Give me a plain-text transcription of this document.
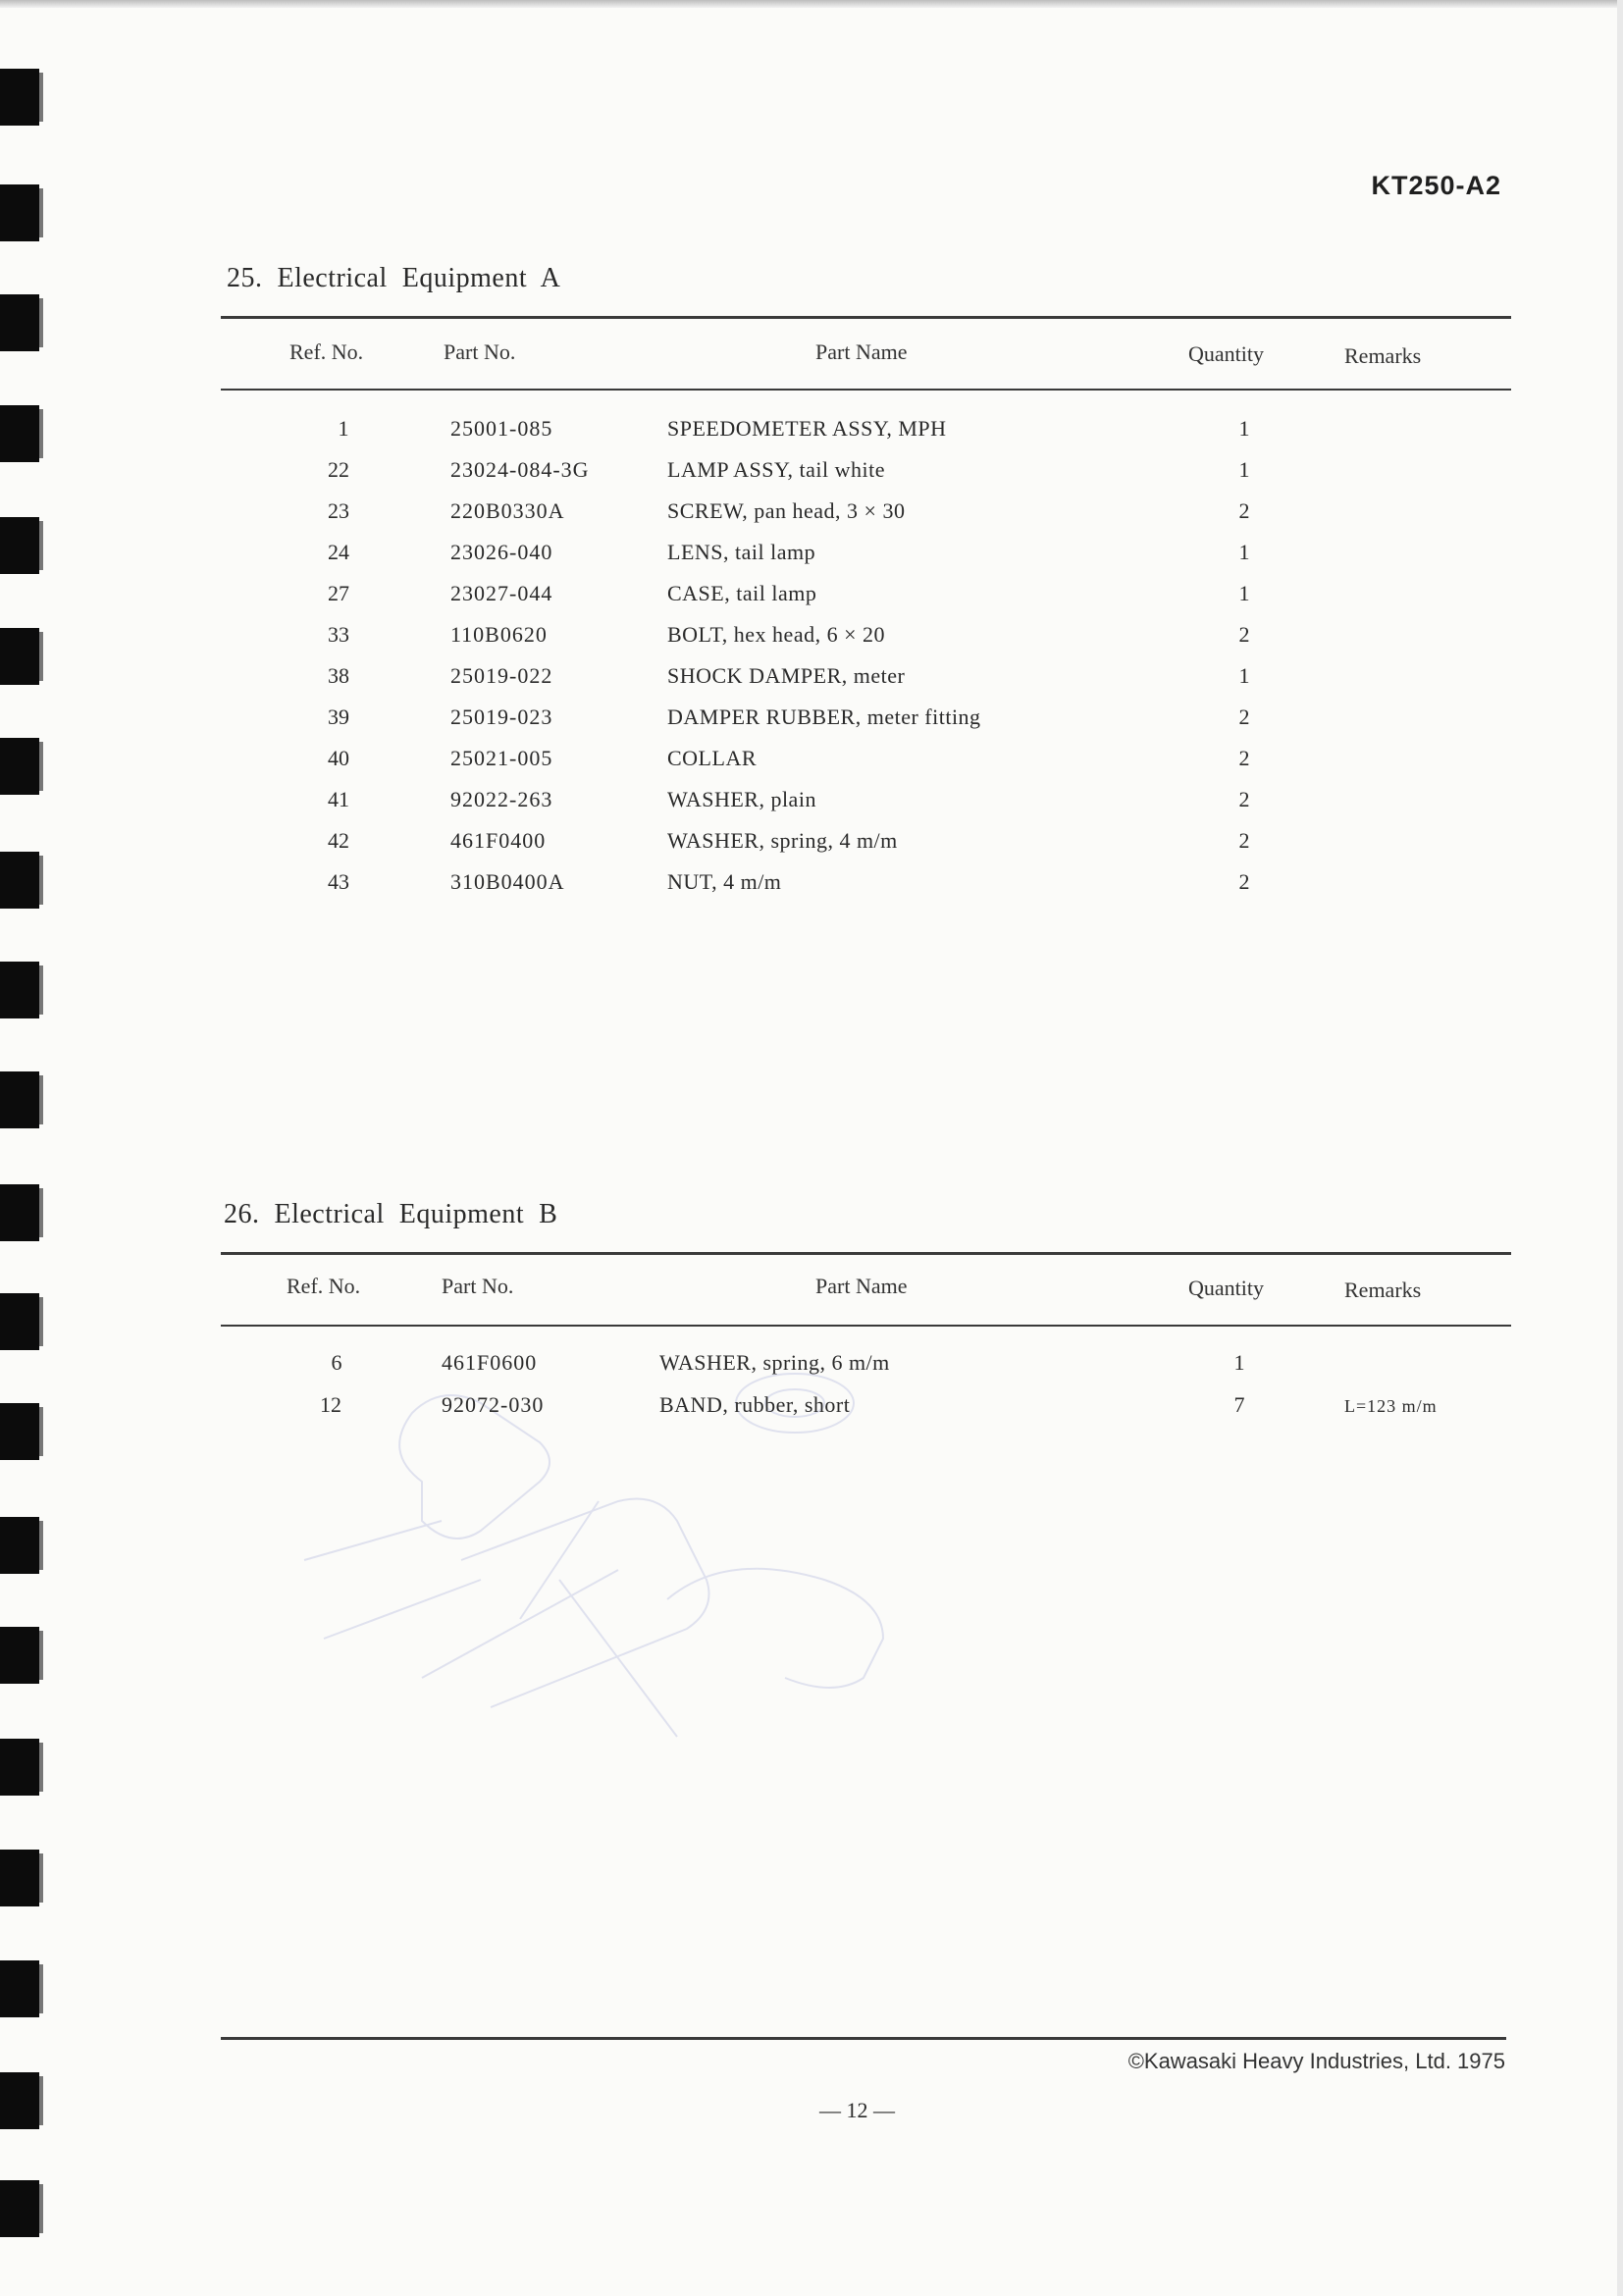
KT250-A2
25.  Electrical  Equipment  A
Ref. No.	Part No.	Part Name	Quantity	Remarks
1	25001-085	SPEEDOMETER ASSY, MPH	1
22	23024-084-3G	LAMP ASSY, tail white	1
23	220B0330A	SCREW, pan head, 3 × 30	2
24	23026-040	LENS, tail lamp	1
27	23027-044	CASE, tail lamp	1
33	110B0620	BOLT, hex head, 6 × 20	2
38	25019-022	SHOCK DAMPER, meter	1
39	25019-023	DAMPER RUBBER, meter fitting	2
40	25021-005	COLLAR	2
41	92022-263	WASHER, plain	2
42	461F0400	WASHER, spring, 4 m/m	2
43	310B0400A	NUT, 4 m/m	2
26.  Electrical  Equipment  B
Ref. No.	Part No.	Part Name	Quantity	Remarks
6	461F0600	WASHER, spring, 6 m/m	1
12	92072-030	BAND, rubber, short	7	L=123 m/m
©Kawasaki Heavy Industries, Ltd. 1975
— 12 —
